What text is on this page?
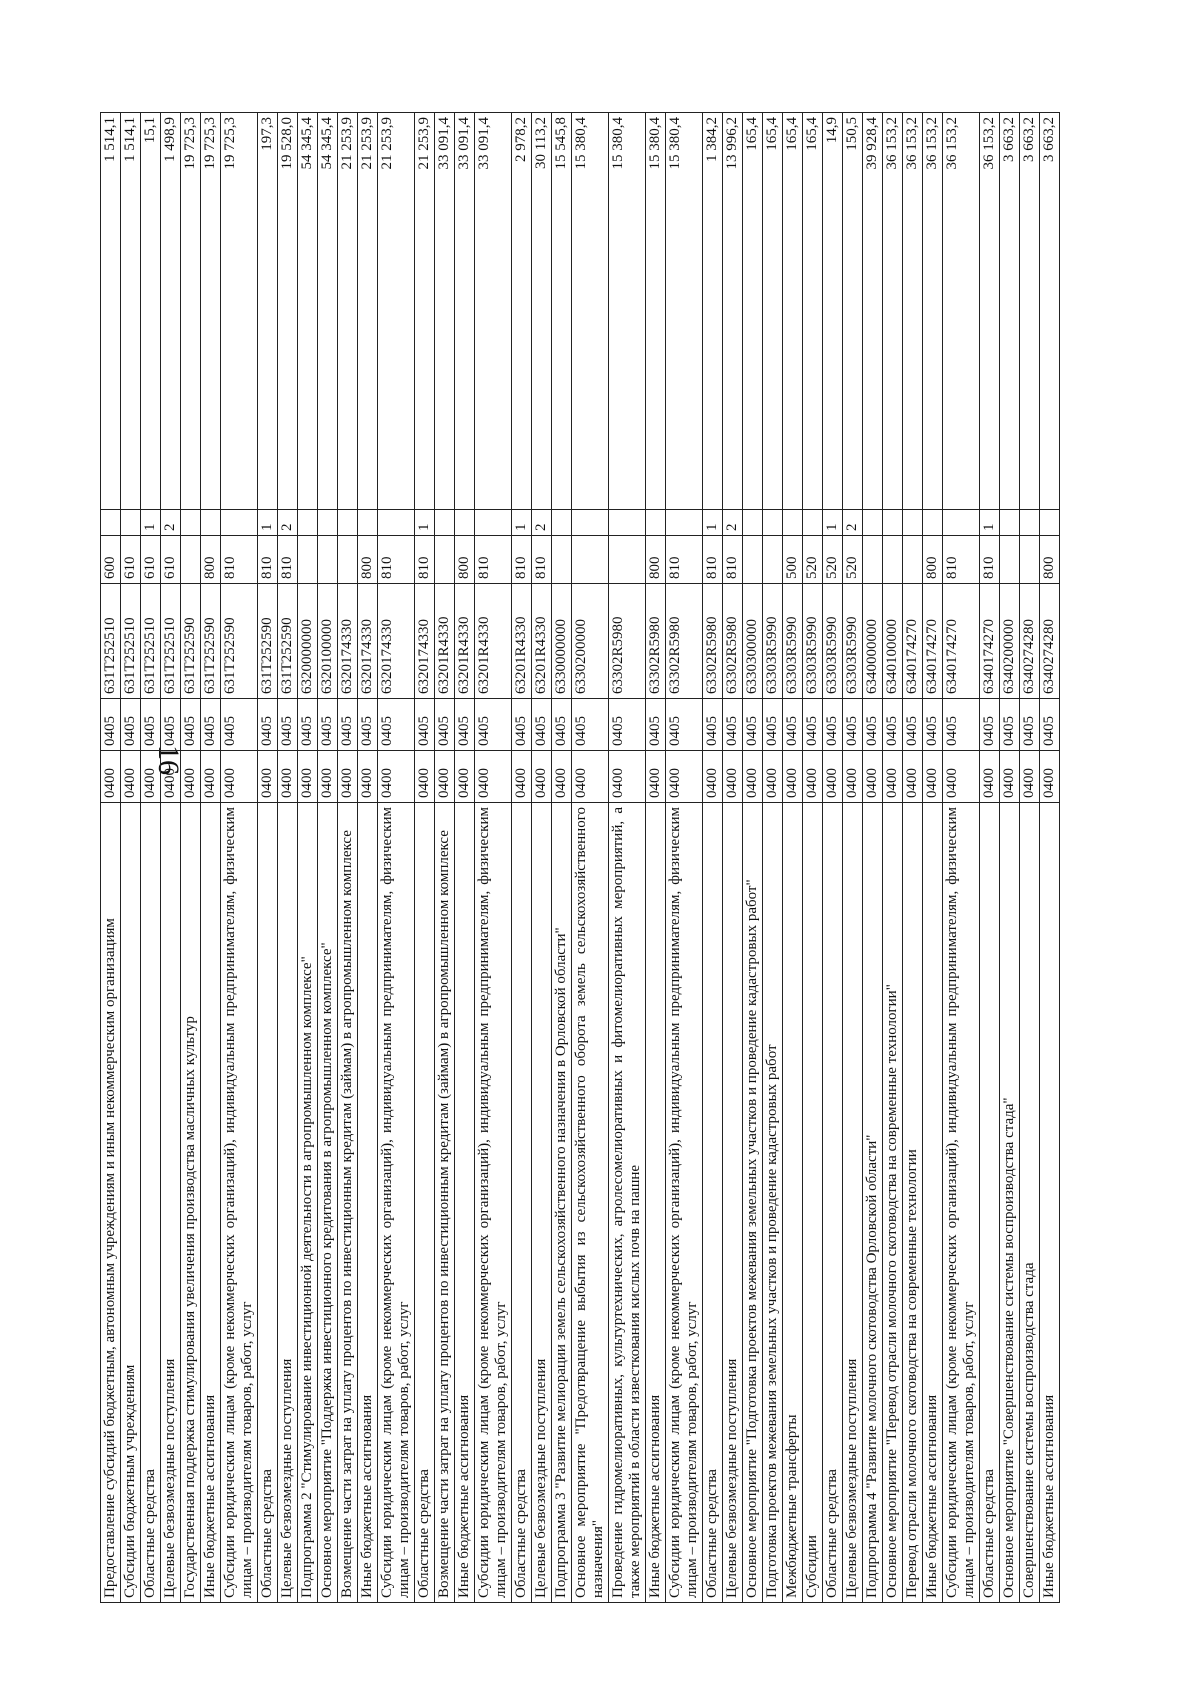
16
Предоставление субсидий бюджетным, автономным учреждениям и иным некоммерческим организациям	0400	0405	631T252510	600		1 514,1
Субсидии бюджетным учреждениям	0400	0405	631T252510	610		1 514,1
Областные средства	0400	0405	631T252510	610	1	15,1
Целевые безвозмездные поступления	0400	0405	631T252510	610	2	1 498,9
Государственная поддержка стимулирования увеличения производства масличных культур	0400	0405	631T252590			19 725,3
Иные бюджетные ассигнования	0400	0405	631T252590	800		19 725,3
Субсидии юридическим лицам (кроме некоммерческих организаций), индивидуальным предпринимателям, физическим лицам – производителям товаров, работ, услуг	0400	0405	631T252590	810		19 725,3
Областные средства	0400	0405	631T252590	810	1	197,3
Целевые безвозмездные поступления	0400	0405	631T252590	810	2	19 528,0
Подпрограмма 2 "Стимулирование инвестиционной деятельности в агропромышленном комплексе"	0400	0405	6320000000			54 345,4
Основное мероприятие "Поддержка инвестиционного кредитования в агропромышленном комплексе"	0400	0405	6320100000			54 345,4
Возмещение части затрат на уплату процентов по инвестиционным кредитам (займам) в агропромышленном комплексе	0400	0405	6320174330			21 253,9
Иные бюджетные ассигнования	0400	0405	6320174330	800		21 253,9
Субсидии юридическим лицам (кроме некоммерческих организаций), индивидуальным предпринимателям, физическим лицам – производителям товаров, работ, услуг	0400	0405	6320174330	810		21 253,9
Областные средства	0400	0405	6320174330	810	1	21 253,9
Возмещение части затрат на уплату процентов по инвестиционным кредитам (займам) в агропромышленном комплексе	0400	0405	63201R4330			33 091,4
Иные бюджетные ассигнования	0400	0405	63201R4330	800		33 091,4
Субсидии юридическим лицам (кроме некоммерческих организаций), индивидуальным предпринимателям, физическим лицам – производителям товаров, работ, услуг	0400	0405	63201R4330	810		33 091,4
Областные средства	0400	0405	63201R4330	810	1	2 978,2
Целевые безвозмездные поступления	0400	0405	63201R4330	810	2	30 113,2
Подпрограмма 3 "Развитие мелиорации земель сельскохозяйственного назначения в Орловской области"	0400	0405	6330000000			15 545,8
Основное мероприятие "Предотвращение выбытия из сельскохозяйственного оборота земель сельскохозяйственного назначения"	0400	0405	6330200000			15 380,4
Проведение гидромелиоративных, культуртехнических, агролесомелиоративных и фитомелиоративных мероприятий, а также мероприятий в области известкования кислых почв на пашне	0400	0405	63302R5980			15 380,4
Иные бюджетные ассигнования	0400	0405	63302R5980	800		15 380,4
Субсидии юридическим лицам (кроме некоммерческих организаций), индивидуальным предпринимателям, физическим лицам – производителям товаров, работ, услуг	0400	0405	63302R5980	810		15 380,4
Областные средства	0400	0405	63302R5980	810	1	1 384,2
Целевые безвозмездные поступления	0400	0405	63302R5980	810	2	13 996,2
Основное мероприятие "Подготовка проектов межевания земельных участков и проведение кадастровых работ"	0400	0405	6330300000			165,4
Подготовка проектов межевания земельных участков и проведение кадастровых работ	0400	0405	63303R5990			165,4
Межбюджетные трансферты	0400	0405	63303R5990	500		165,4
Субсидии	0400	0405	63303R5990	520		165,4
Областные средства	0400	0405	63303R5990	520	1	14,9
Целевые безвозмездные поступления	0400	0405	63303R5990	520	2	150,5
Подпрограмма 4 "Развитие молочного скотоводства Орловской области"	0400	0405	6340000000			39 928,4
Основное мероприятие "Перевод отрасли молочного скотоводства на современные технологии"	0400	0405	6340100000			36 153,2
Перевод отрасли молочного скотоводства на современные технологии	0400	0405	6340174270			36 153,2
Иные бюджетные ассигнования	0400	0405	6340174270	800		36 153,2
Субсидии юридическим лицам (кроме некоммерческих организаций), индивидуальным предпринимателям, физическим лицам – производителям товаров, работ, услуг	0400	0405	6340174270	810		36 153,2
Областные средства	0400	0405	6340174270	810	1	36 153,2
Основное мероприятие "Совершенствование системы воспроизводства стада"	0400	0405	6340200000			3 663,2
Совершенствование системы воспроизводства стада	0400	0405	6340274280			3 663,2
Иные бюджетные ассигнования	0400	0405	6340274280	800		3 663,2
